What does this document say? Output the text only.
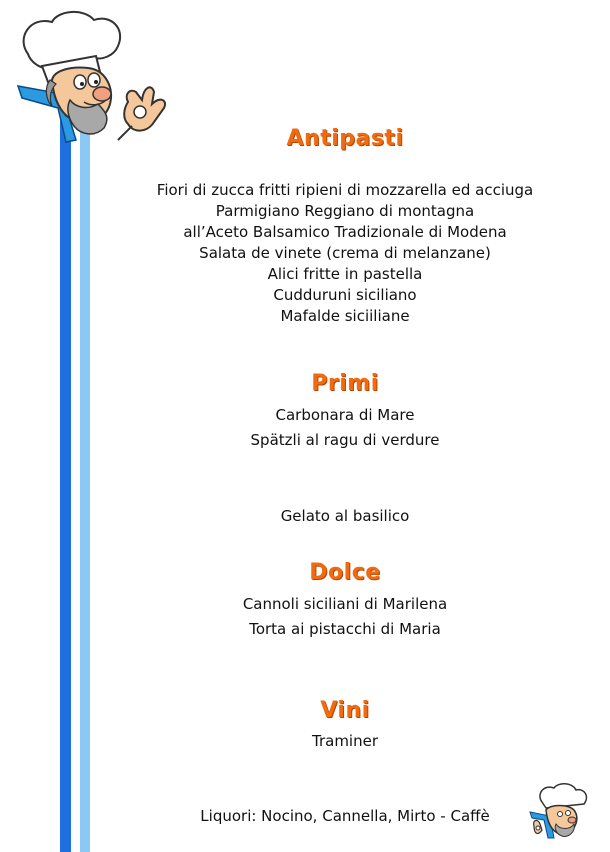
Antipasti
Fiori di zucca fritti ripieni di mozzarella ed acciuga
Parmigiano Reggiano di montagna
all’Aceto Balsamico Tradizionale di Modena
Salata de vinete (crema di melanzane)
Alici fritte in pastella
Cudduruni siciliano
Mafalde siciiliane
Primi
Carbonara di Mare
Spätzli al ragu di verdure
Gelato al basilico
Dolce
Cannoli siciliani di Marilena
Torta ai pistacchi di Maria
Vini
Traminer
Liquori: Nocino, Cannella, Mirto - Caffè
